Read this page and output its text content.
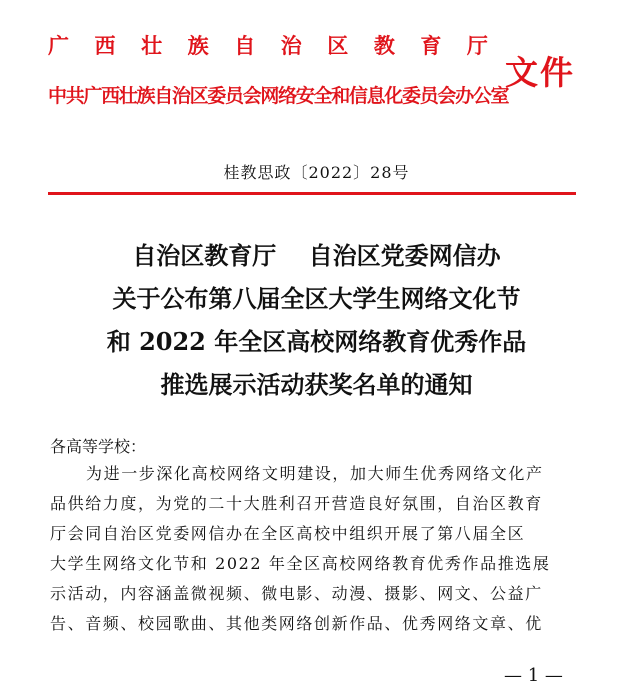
广 西 壮 族 自 治 区 教 育 厅
中共广西壮族自治区委员会网络安全和信息化委员会办公室
文件
桂教思政〔2022〕28号
自治区教育厅　 自治区党委网信办
关于公布第八届全区大学生网络文化节
和 2022 年全区高校网络教育优秀作品
推选展示活动获奖名单的通知
各高等学校：
为进一步深化高校网络文明建设，加大师生优秀网络文化产
品供给力度，为党的二十大胜利召开营造良好氛围，自治区教育
厅会同自治区党委网信办在全区高校中组织开展了第八届全区
大学生网络文化节和 2022 年全区高校网络教育优秀作品推选展
示活动，内容涵盖微视频、微电影、动漫、摄影、网文、公益广
告、音频、校园歌曲、其他类网络创新作品、优秀网络文章、优
— 1 —
